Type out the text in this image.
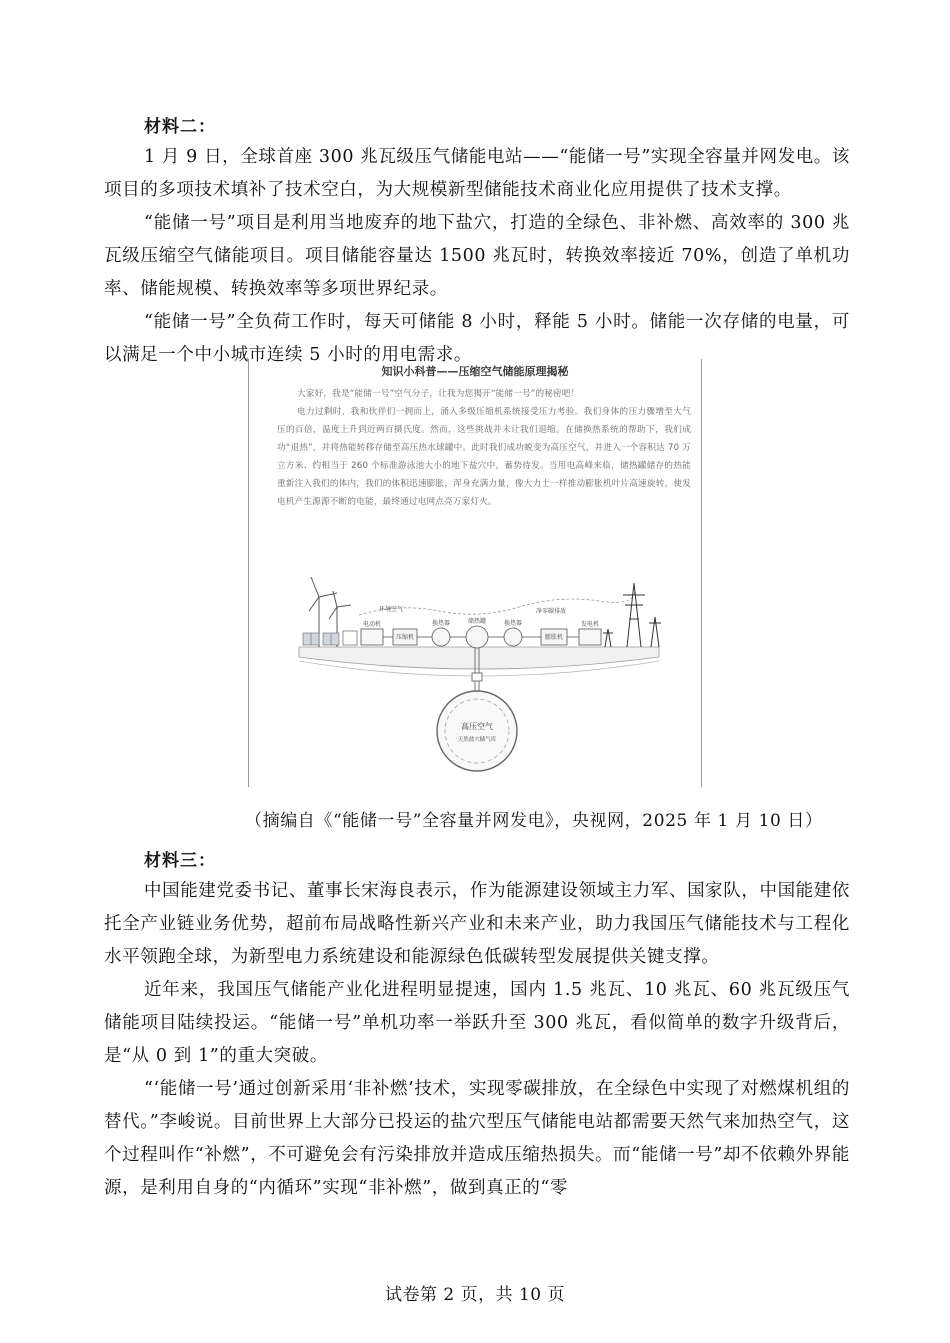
材料二：

1 月 9 日，全球首座 300 兆瓦级压气储能电站——“能储一号”实现全容量并网发电。该项目的多项技术填补了技术空白，为大规模新型储能技术商业化应用提供了技术支撑。

“能储一号”项目是利用当地废弃的地下盐穴，打造的全绿色、非补燃、高效率的 300 兆瓦级压缩空气储能项目。项目储能容量达 1500 兆瓦时，转换效率接近 70%，创造了单机功率、储能规模、转换效率等多项世界纪录。

“能储一号”全负荷工作时，每天可储能 8 小时，释能 5 小时。储能一次存储的电量，可以满足一个中小城市连续 5 小时的用电需求。

知识小科普——压缩空气储能原理揭秘

大家好，我是“能储一号”空气分子，让我为您揭开“能储一号”的秘密吧！

电力过剩时，我和伙伴们一拥而上，涌入多级压缩机系统接受压力考验。我们身体的压力骤增至大气压的百倍，温度上升到近两百摄氏度。然而，这些挑战并未让我们退缩。在储换热系统的帮助下，我们成功“退热”，并将热能转移存储至高压热水球罐中。此时我们成功蜕变为高压空气，并进入一个容积达 70 万立方米、约相当于 260 个标准游泳池大小的地下盐穴中，蓄势待发。当用电高峰来临，储热罐储存的热能重新注入我们的体内，我们的体积迅速膨胀，浑身充满力量，像大力士一样推动膨胀机叶片高速旋转，使发电机产生源源不断的电能，最终通过电网点亮万家灯火。

环境空气
电动机
压缩机
换热器	储热罐	换热器
净零碳排放
膨胀机
发电机
高压空气
天然盐穴储气库
（摘编自《“能储一号”全容量并网发电》，央视网，2025 年 1 月 10 日）
材料三：

中国能建党委书记、董事长宋海良表示，作为能源建设领域主力军、国家队，中国能建依托全产业链业务优势，超前布局战略性新兴产业和未来产业，助力我国压气储能技术与工程化水平领跑全球，为新型电力系统建设和能源绿色低碳转型发展提供关键支撑。

近年来，我国压气储能产业化进程明显提速，国内 1.5 兆瓦、10 兆瓦、60 兆瓦级压气储能项目陆续投运。“能储一号”单机功率一举跃升至 300 兆瓦，看似简单的数字升级背后，是“从 0 到 1”的重大突破。

“‘能储一号’通过创新采用‘非补燃’技术，实现零碳排放，在全绿色中实现了对燃煤机组的替代。”李峻说。目前世界上大部分已投运的盐穴型压气储能电站都需要天然气来加热空气，这个过程叫作“补燃”，不可避免会有污染排放并造成压缩热损失。而“能储一号”却不依赖外界能源，是利用自身的“内循环”实现“非补燃”，做到真正的“零

试卷第 2 页，共 10 页
